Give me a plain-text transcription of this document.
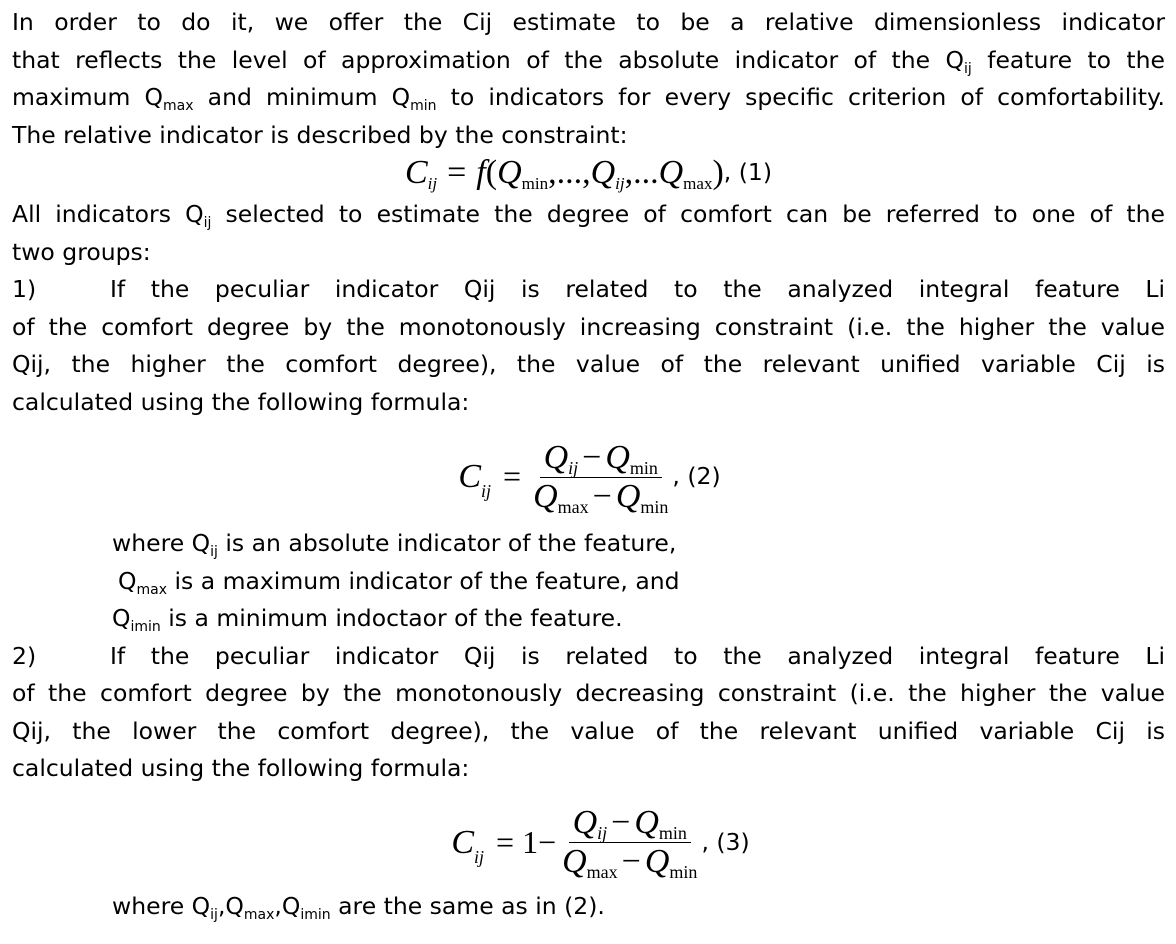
In order to do it, we offer the Cij estimate to be a relative dimensionless indicator
that reflects the level of approximation of the absolute indicator of the $Q_{ij}$ feature to the
maximum $Q_{max}$ and minimum $Q_{min}$ to indicators for every specific criterion of comfortability.
The relative indicator is described by the constraint:
$C_{ij} = f(Q_{min},...,Q_{ij},...Q_{max})$ , (1)
All indicators $Q_{ij}$ selected to estimate the degree of comfort can be referred to one of the
two groups:
1)	If the peculiar indicator Qij is related to the analyzed integral feature Li
of the comfort degree by the monotonously increasing constraint (i.e. the higher the value
Qij, the higher the comfort degree), the value of the relevant unified variable Cij is
calculated using the following formula:
$C_{ij} = \frac{Q_{ij} - Q_{min}}{Q_{max} - Q_{min}}$ , (2)
where $Q_{ij}$ is an absolute indicator of the feature,
$Q_{max}$ is a maximum indicator of the feature, and
$Q_{imin}$ is a minimum indoctaor of the feature.
2)	If the peculiar indicator Qij is related to the analyzed integral feature Li
of the comfort degree by the monotonously decreasing constraint (i.e. the higher the value
Qij, the lower the comfort degree), the value of the relevant unified variable Cij is
calculated using the following formula:
$C_{ij} = 1- \frac{Q_{ij} - Q_{min}}{Q_{max} - Q_{min}}$ , (3)
where $Q_{ij},Q_{max},Q_{imin}$ are the same as in (2).
